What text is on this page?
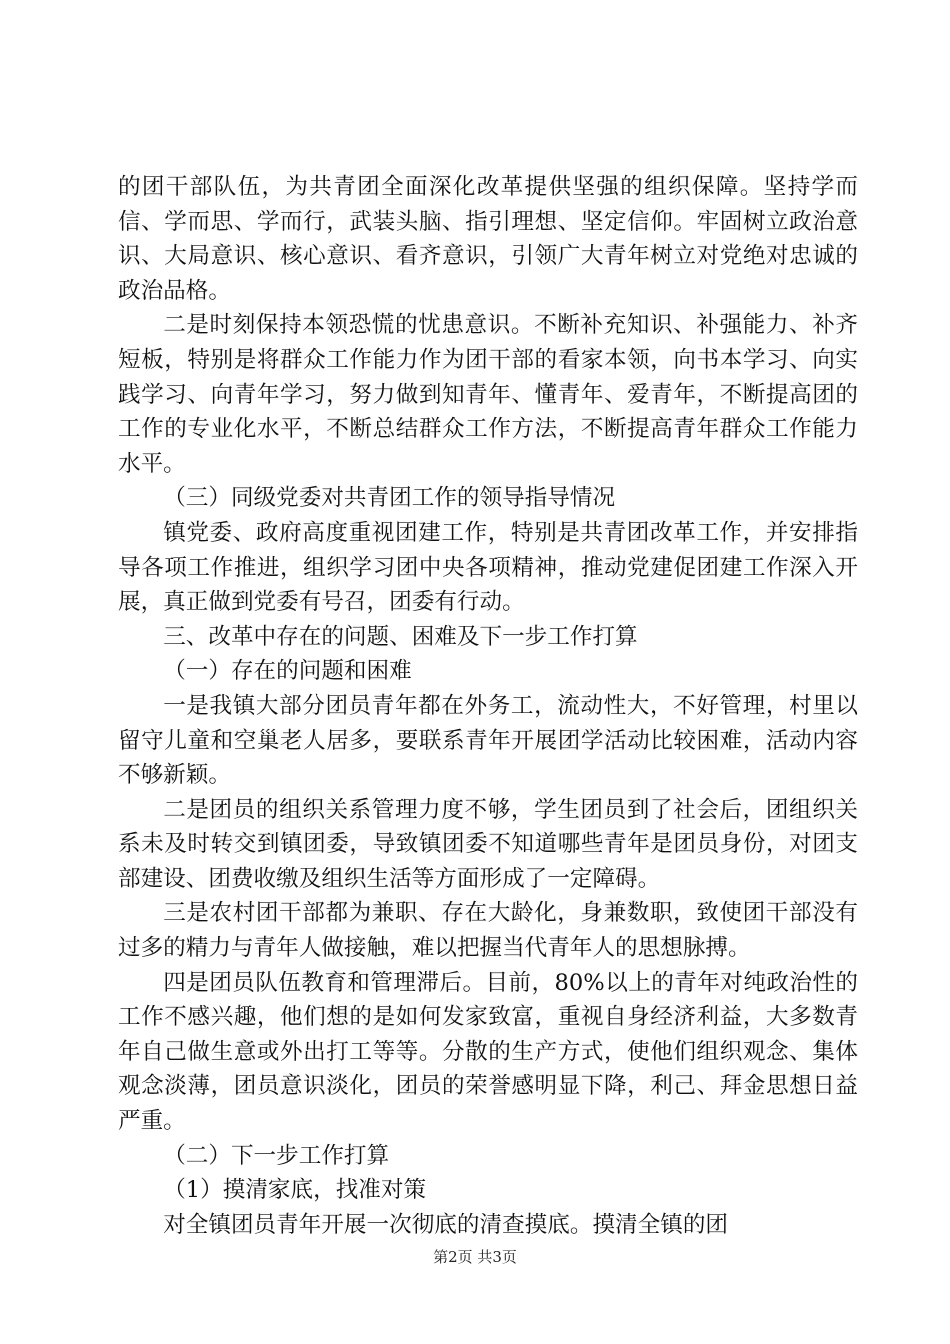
的团干部队伍，为共青团全面深化改革提供坚强的组织保障。坚持学而信、学而思、学而行，武装头脑、指引理想、坚定信仰。牢固树立政治意识、大局意识、核心意识、看齐意识，引领广大青年树立对党绝对忠诚的政治品格。

二是时刻保持本领恐慌的忧患意识。不断补充知识、补强能力、补齐短板，特别是将群众工作能力作为团干部的看家本领，向书本学习、向实践学习、向青年学习，努力做到知青年、懂青年、爱青年，不断提高团的工作的专业化水平，不断总结群众工作方法，不断提高青年群众工作能力水平。

（三）同级党委对共青团工作的领导指导情况

镇党委、政府高度重视团建工作，特别是共青团改革工作，并安排指导各项工作推进，组织学习团中央各项精神，推动党建促团建工作深入开展，真正做到党委有号召，团委有行动。

三、改革中存在的问题、困难及下一步工作打算

（一）存在的问题和困难

一是我镇大部分团员青年都在外务工，流动性大，不好管理，村里以留守儿童和空巢老人居多，要联系青年开展团学活动比较困难，活动内容不够新颖。

二是团员的组织关系管理力度不够，学生团员到了社会后，团组织关系未及时转交到镇团委，导致镇团委不知道哪些青年是团员身份，对团支部建设、团费收缴及组织生活等方面形成了一定障碍。

三是农村团干部都为兼职、存在大龄化，身兼数职，致使团干部没有过多的精力与青年人做接触，难以把握当代青年人的思想脉搏。

四是团员队伍教育和管理滞后。目前，80%以上的青年对纯政治性的工作不感兴趣，他们想的是如何发家致富，重视自身经济利益，大多数青年自己做生意或外出打工等等。分散的生产方式，使他们组织观念、集体观念淡薄，团员意识淡化，团员的荣誉感明显下降，利己、拜金思想日益严重。

（二）下一步工作打算

（1）摸清家底，找准对策

对全镇团员青年开展一次彻底的清查摸底。摸清全镇的团

第2页 共3页
